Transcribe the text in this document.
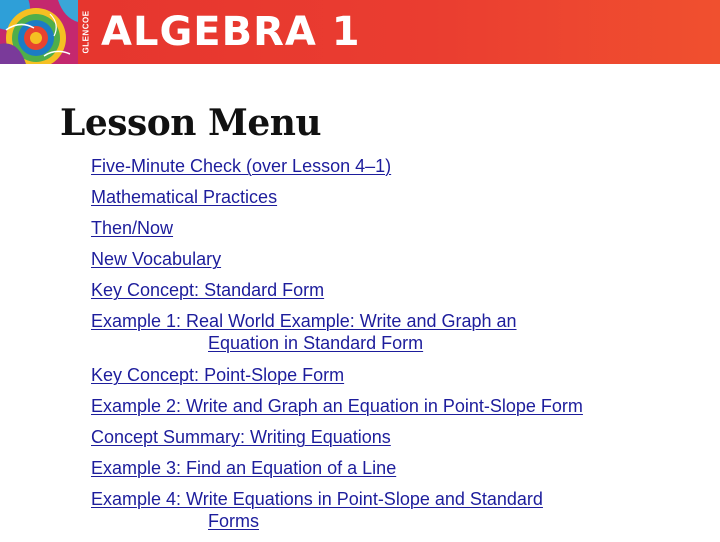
GLENCOE ALGEBRA 1
Lesson Menu
Five-Minute Check (over Lesson 4–1)
Mathematical Practices
Then/Now
New Vocabulary
Key Concept: Standard Form
Example 1: Real World Example: Write and Graph an
Equation in Standard Form
Key Concept: Point-Slope Form
Example 2: Write and Graph an Equation in Point-Slope Form
Concept Summary: Writing Equations
Example 3: Find an Equation of a Line
Example 4: Write Equations in Point-Slope and Standard
Forms
